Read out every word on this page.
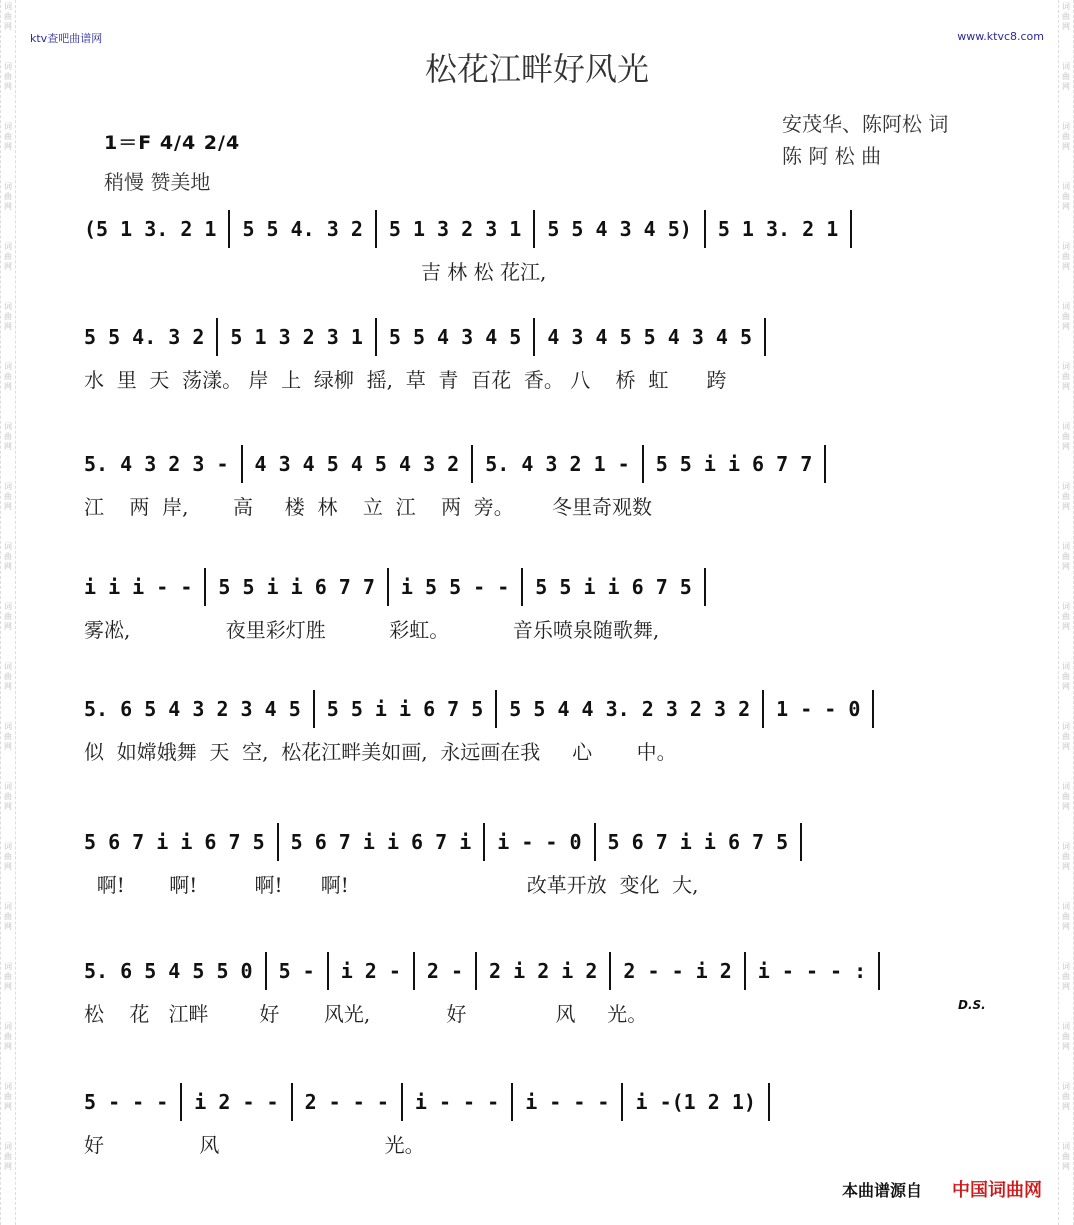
词曲网
词曲网
词曲网
词曲网
词曲网
词曲网
词曲网
词曲网
词曲网
词曲网
词曲网
词曲网
词曲网
词曲网
词曲网
词曲网
词曲网
词曲网
词曲网
词曲网
词曲网
词曲网
词曲网
词曲网
词曲网
词曲网
词曲网
词曲网
词曲网
词曲网
词曲网
词曲网
词曲网
词曲网
词曲网
词曲网
词曲网
词曲网
词曲网
词曲网
ktv查吧曲谱网	www.ktvc8.com
松花江畔好风光
1＝F 4/4 2/4
稍慢 赞美地
安茂华、陈阿松 词
陈 阿 松 曲
(5 1 3. 2 1 5 5 4. 3 2 5 1 3 2 3 1 5 5 4 3 4 5) 5 1 3. 2 1
吉 林 松 花江,
5 5 4. 3 2 5 1 3 2 3 1 5 5 4 3 4 5 4 3 4 5 5 4 3 4 5
水  里  天  荡漾。 岸  上  绿柳  摇,  草  青  百花  香。 八    桥  虹      跨
5. 4 3 2 3 - 4 3 4 5 4 5 4 3 2 5. 4 3 2 1 - 5 5 i i 6 7 7
江    两  岸,       高     楼  林    立  江    两  旁。      冬里奇观数
i i i - - 5 5 i i 6 7 7 i 5 5 - - 5 5 i i 6 7 5
雾凇,               夜里彩灯胜          彩虹。          音乐喷泉随歌舞,
5. 6 5 4 3 2 3 4 5 5 5 i i 6 7 5 5 5 4 4 3. 2 3 2 3 2 1 - - 0
似  如嫦娥舞  天  空,  松花江畔美如画,  永远画在我     心       中。
5 6 7 i i 6 7 5 5 6 7 i i 6 7 i i - - 0 5 6 7 i i 6 7 5
啊!       啊!         啊!      啊!                            改革开放  变化  大,
5. 6 5 4 5 5 0 5 - i 2 - 2 - 2 i 2 i 2 2 - - i 2 i - - - :
松    花   江畔        好       风光,            好              风     光。
5 - - - i 2 - - 2 - - - i - - - i - - - i -(1 2 1)
好               风                          光。
D.S.
本曲谱源自 中国词曲网
